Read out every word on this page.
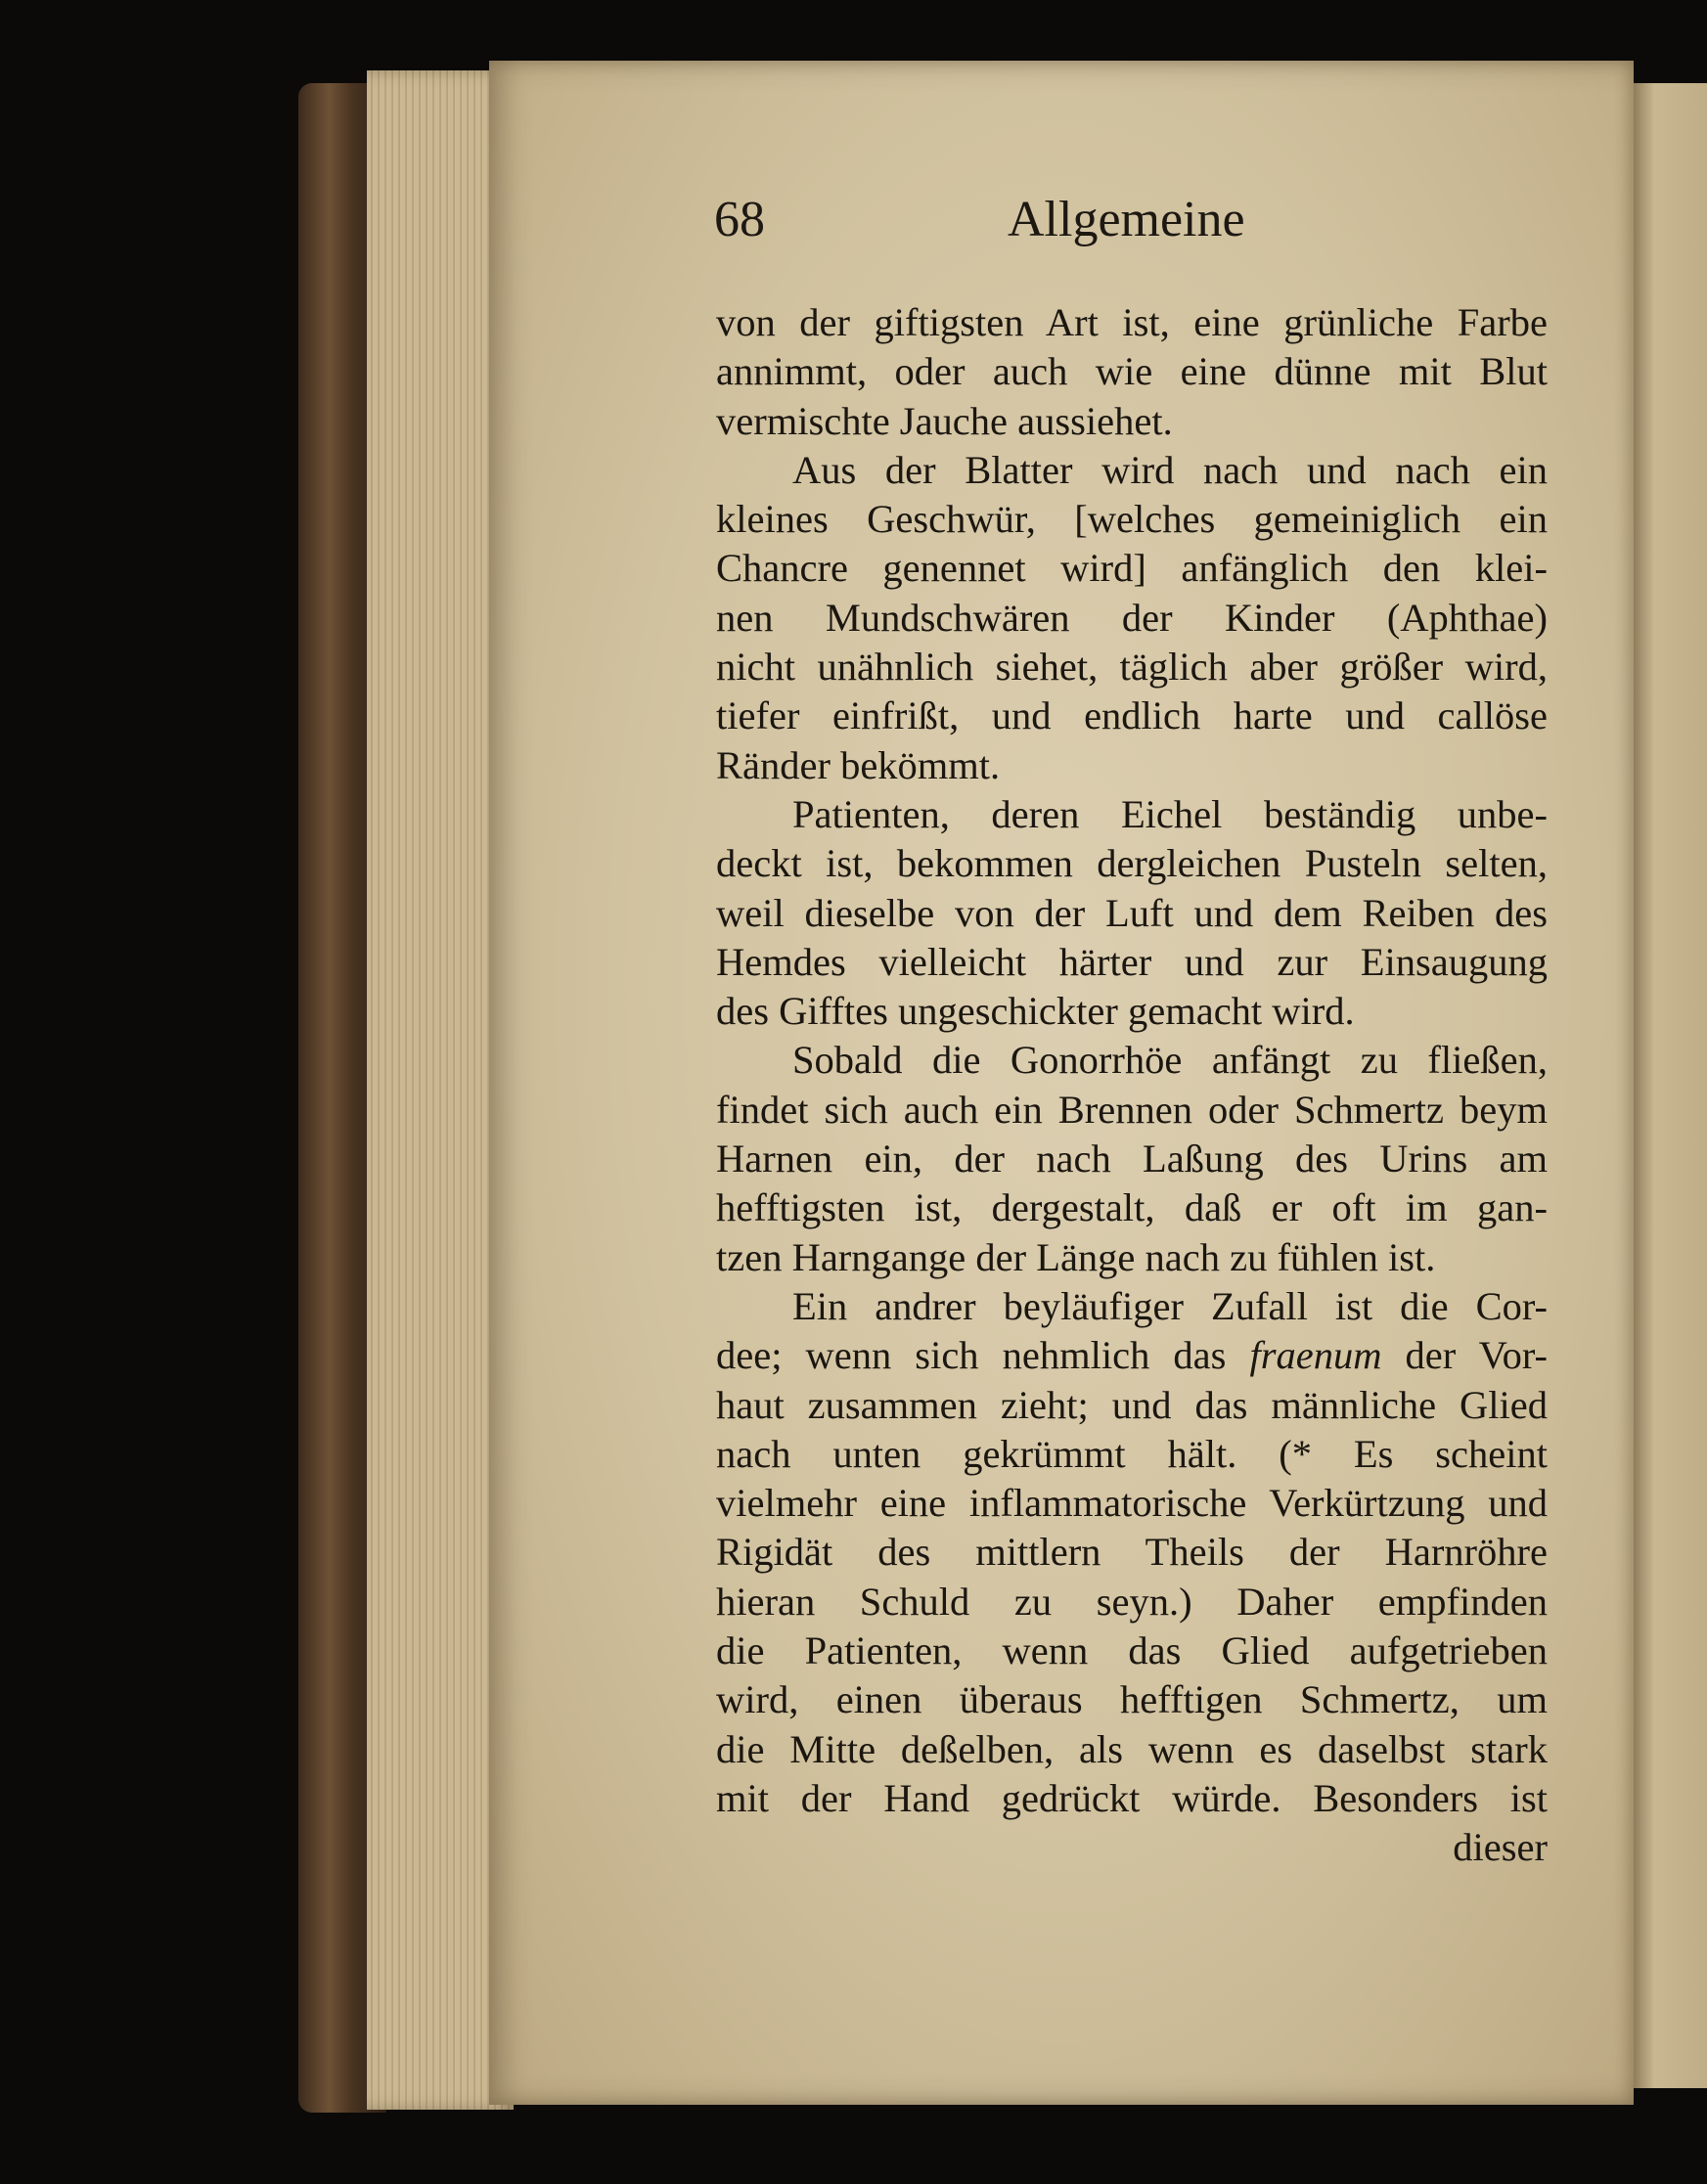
68	Allgemeine
von der giftigsten Art ist, eine grünliche Farbe
annimmt, oder auch wie eine dünne mit Blut
vermischte Jauche aussiehet.
Aus der Blatter wird nach und nach ein
kleines Geschwür, [welches gemeiniglich ein
Chancre genennet wird] anfänglich den klei-
nen Mundschwären der Kinder (Aphthae)
nicht unähnlich siehet, täglich aber größer wird,
tiefer einfrißt, und endlich harte und callöse
Ränder bekömmt.
Patienten, deren Eichel beständig unbe-
deckt ist, bekommen dergleichen Pusteln selten,
weil dieselbe von der Luft und dem Reiben des
Hemdes vielleicht härter und zur Einsaugung
des Gifftes ungeschickter gemacht wird.
Sobald die Gonorrhöe anfängt zu fließen,
findet sich auch ein Brennen oder Schmertz beym
Harnen ein, der nach Laßung des Urins am
hefftigsten ist, dergestalt, daß er oft im gan-
tzen Harngange der Länge nach zu fühlen ist.
Ein andrer beyläufiger Zufall ist die Cor-
dee; wenn sich nehmlich das fraenum der Vor-
haut zusammen zieht; und das männliche Glied
nach unten gekrümmt hält. (* Es scheint
vielmehr eine inflammatorische Verkürtzung und
Rigidät des mittlern Theils der Harnröhre
hieran Schuld zu seyn.) Daher empfinden
die Patienten, wenn das Glied aufgetrieben
wird, einen überaus hefftigen Schmertz, um
die Mitte deßelben, als wenn es daselbst stark
mit der Hand gedrückt würde. Besonders ist
dieser
